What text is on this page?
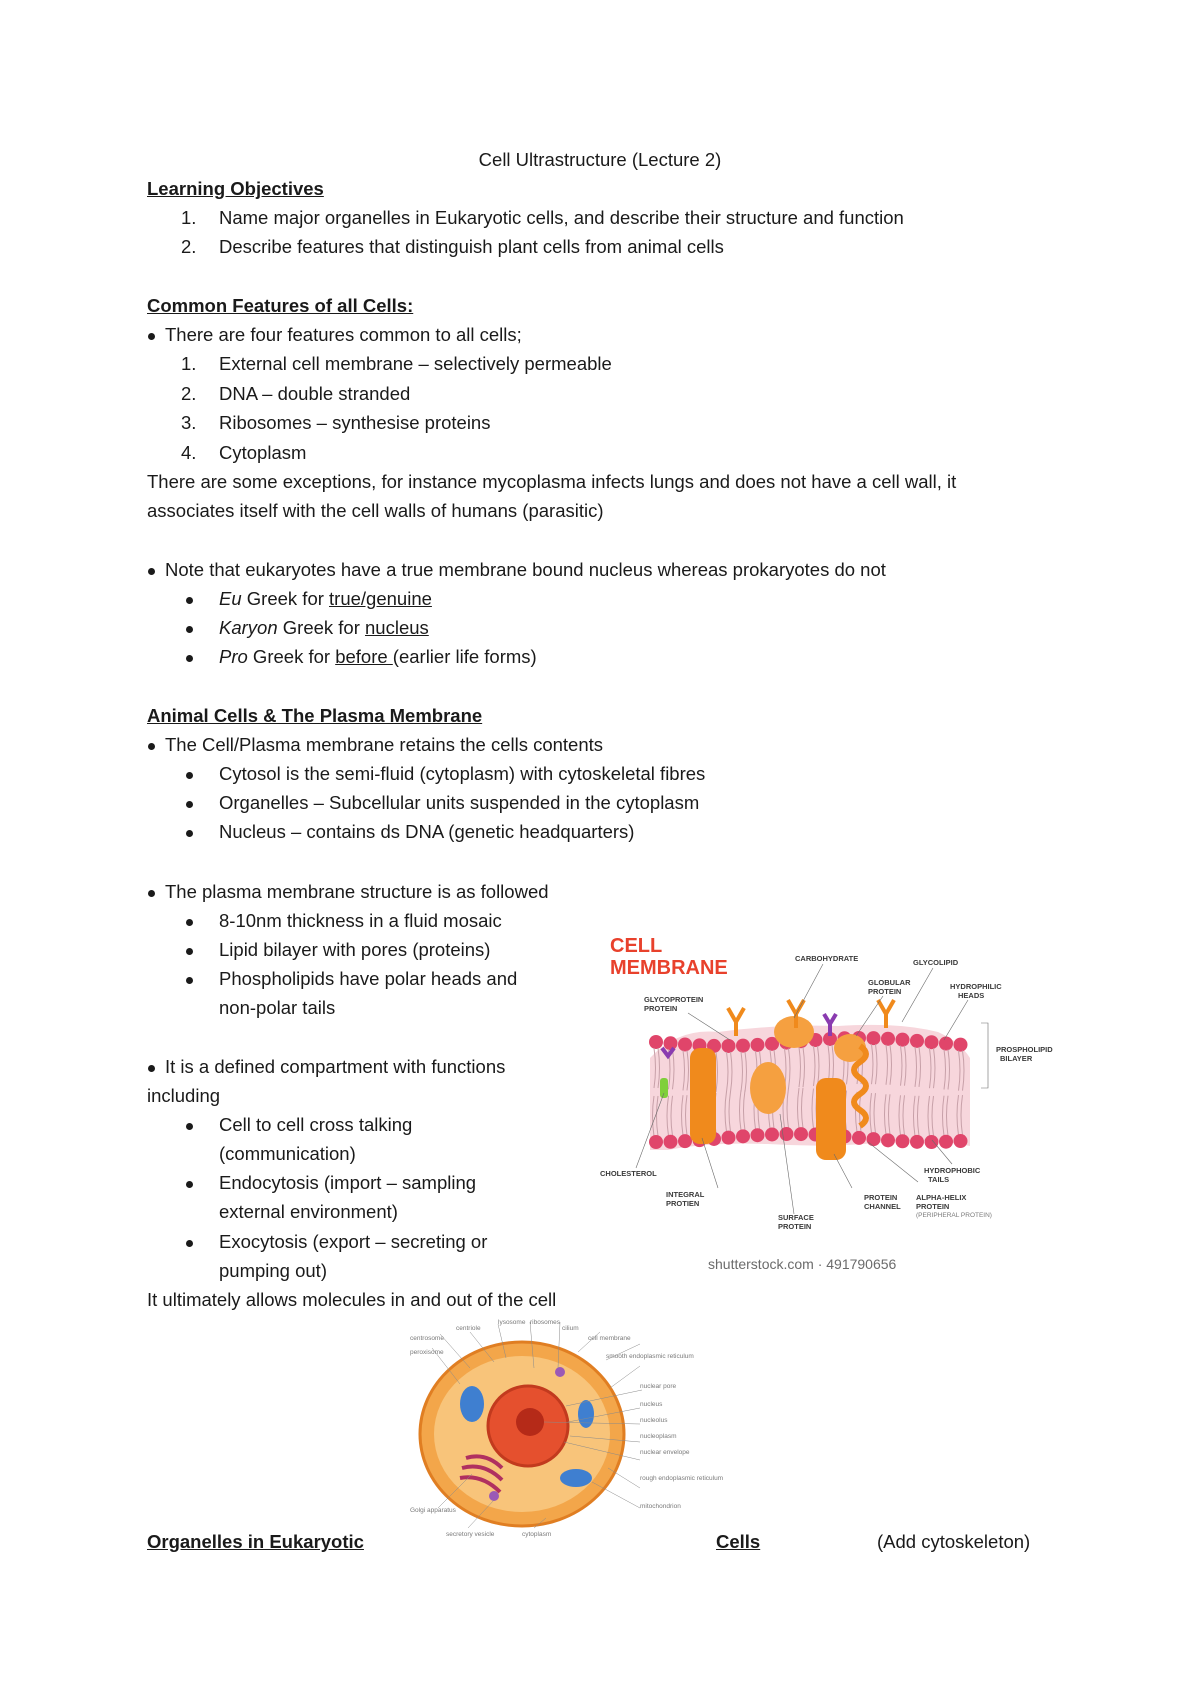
Cell Ultrastructure (Lecture 2)
Learning Objectives
1. Name major organelles in Eukaryotic cells, and describe their structure and function
2. Describe features that distinguish plant cells from animal cells
Common Features of all Cells:
There are four features common to all cells;
1. External cell membrane – selectively permeable
2. DNA – double stranded
3. Ribosomes – synthesise proteins
4. Cytoplasm
There are some exceptions, for instance mycoplasma infects lungs and does not have a cell wall, it
associates itself with the cell walls of humans (parasitic)
Note that eukaryotes have a true membrane bound nucleus whereas prokaryotes do not
Eu Greek for true/genuine
Karyon Greek for nucleus
Pro Greek for before (earlier life forms)
Animal Cells & The Plasma Membrane
The Cell/Plasma membrane retains the cells contents
Cytosol is the semi-fluid (cytoplasm) with cytoskeletal fibres
Organelles – Subcellular units suspended in the cytoplasm
Nucleus – contains ds DNA (genetic headquarters)
The plasma membrane structure is as followed
8-10nm thickness in a fluid mosaic
Lipid bilayer with pores (proteins)
Phospholipids have polar heads and
non-polar tails
It is a defined compartment with functions
including
Cell to cell cross talking
(communication)
Endocytosis (import – sampling
external environment)
Exocytosis (export – secreting or
pumping out)
It ultimately allows molecules in and out of the cell
CELL
MEMBRANE	CARBOHYDRATE	GLYCOLIPID
GLOBULAR
PROTEIN
HYDROPHILIC
HEADS
GLYCOPROTEIN
PROTEIN
PROSPHOLIPID
BILAYER
CHOLESTEROL	HYDROPHOBIC
TAILS
INTEGRAL
PROTIEN
PROTEIN
CHANNEL
ALPHA-HELIX
PROTEIN
(PERIPHERAL PROTEIN)
SURFACE
PROTEIN
shutterstock.com · 491790656
centriole
lysosome ribosomes
cilium
centrosome	cell membrane
peroxisome
smooth endoplasmic reticulum
nuclear pore
nucleus
nucleolus
nucleoplasm
nuclear envelope
rough endoplasmic reticulum
Golgi apparatus
mitochondrion
secretory vesicle	cytoplasm
Organelles in Eukaryotic	Cells	(Add cytoskeleton)
